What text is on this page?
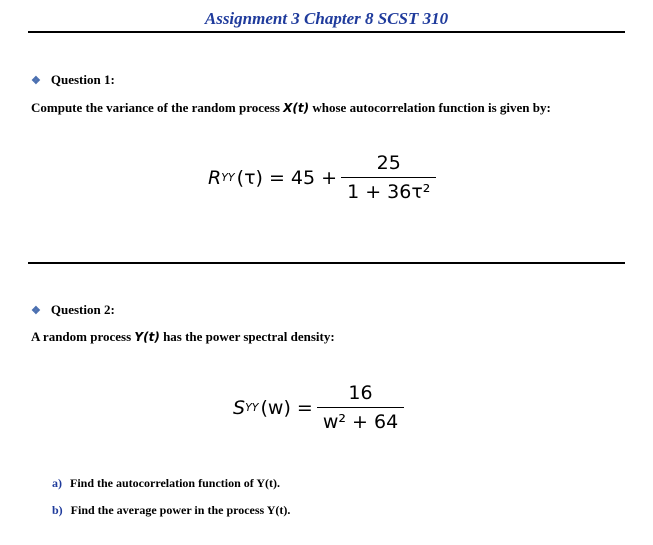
Assignment 3 Chapter 8 SCST 310
❖ Question 1:
Compute the variance of the random process X(t) whose autocorrelation function is given by:
R YY $(\tau) = 45 + \frac{25}{\text{1 + 36τ²}}$
❖ Question 2:
A random process Y(t) has the power spectral density:
S YY $(w) = \frac{16}{\text{w² + 64}}$
a) Find the autocorrelation function of Y(t).
b) Find the average power in the process Y(t).
